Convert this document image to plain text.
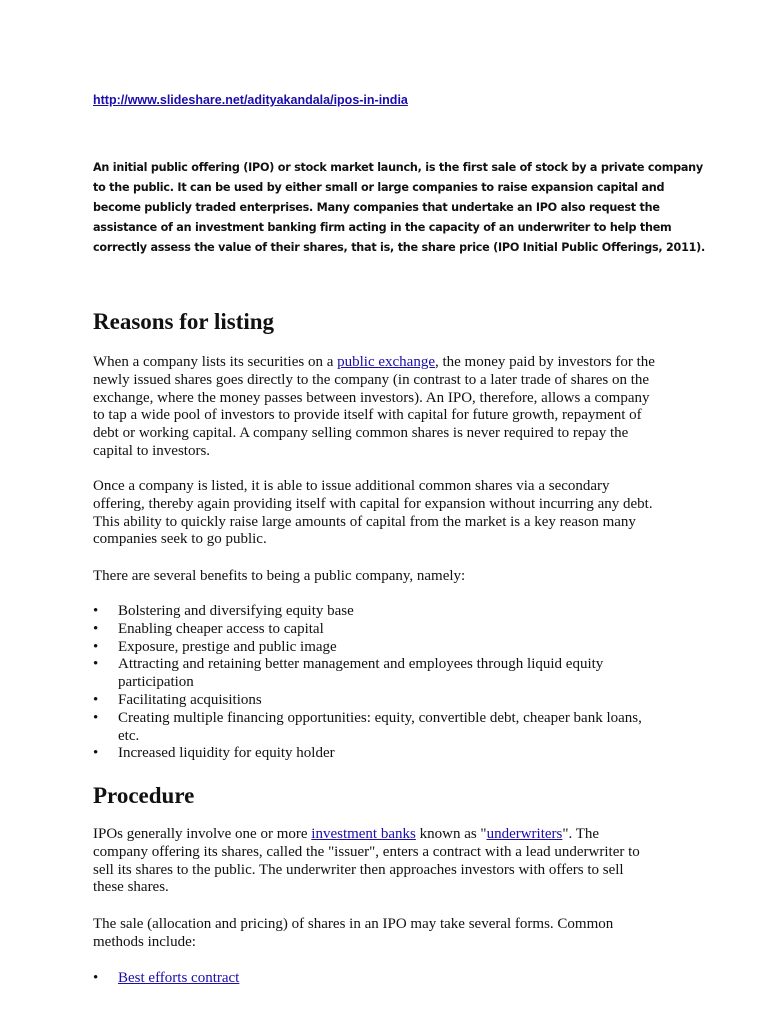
http://www.slideshare.net/adityakandala/ipos-in-india
An initial public offering (IPO) or stock market launch, is the first sale of stock by a private company
to the public. It can be used by either small or large companies to raise expansion capital and
become publicly traded enterprises. Many companies that undertake an IPO also request the
assistance of an investment banking firm acting in the capacity of an underwriter to help them
correctly assess the value of their shares, that is, the share price (IPO Initial Public Offerings, 2011).
Reasons for listing
When a company lists its securities on a public exchange, the money paid by investors for the
newly issued shares goes directly to the company (in contrast to a later trade of shares on the
exchange, where the money passes between investors). An IPO, therefore, allows a company
to tap a wide pool of investors to provide itself with capital for future growth, repayment of
debt or working capital. A company selling common shares is never required to repay the
capital to investors.
Once a company is listed, it is able to issue additional common shares via a secondary
offering, thereby again providing itself with capital for expansion without incurring any debt.
This ability to quickly raise large amounts of capital from the market is a key reason many
companies seek to go public.
There are several benefits to being a public company, namely:
•	Bolstering and diversifying equity base
•	Enabling cheaper access to capital
•	Exposure, prestige and public image
•	Attracting and retaining better management and employees through liquid equity
participation
•	Facilitating acquisitions
•	Creating multiple financing opportunities: equity, convertible debt, cheaper bank loans,
etc.
•	Increased liquidity for equity holder
Procedure
IPOs generally involve one or more investment banks known as "underwriters". The
company offering its shares, called the "issuer", enters a contract with a lead underwriter to
sell its shares to the public. The underwriter then approaches investors with offers to sell
these shares.
The sale (allocation and pricing) of shares in an IPO may take several forms. Common
methods include:
•	Best efforts contract
